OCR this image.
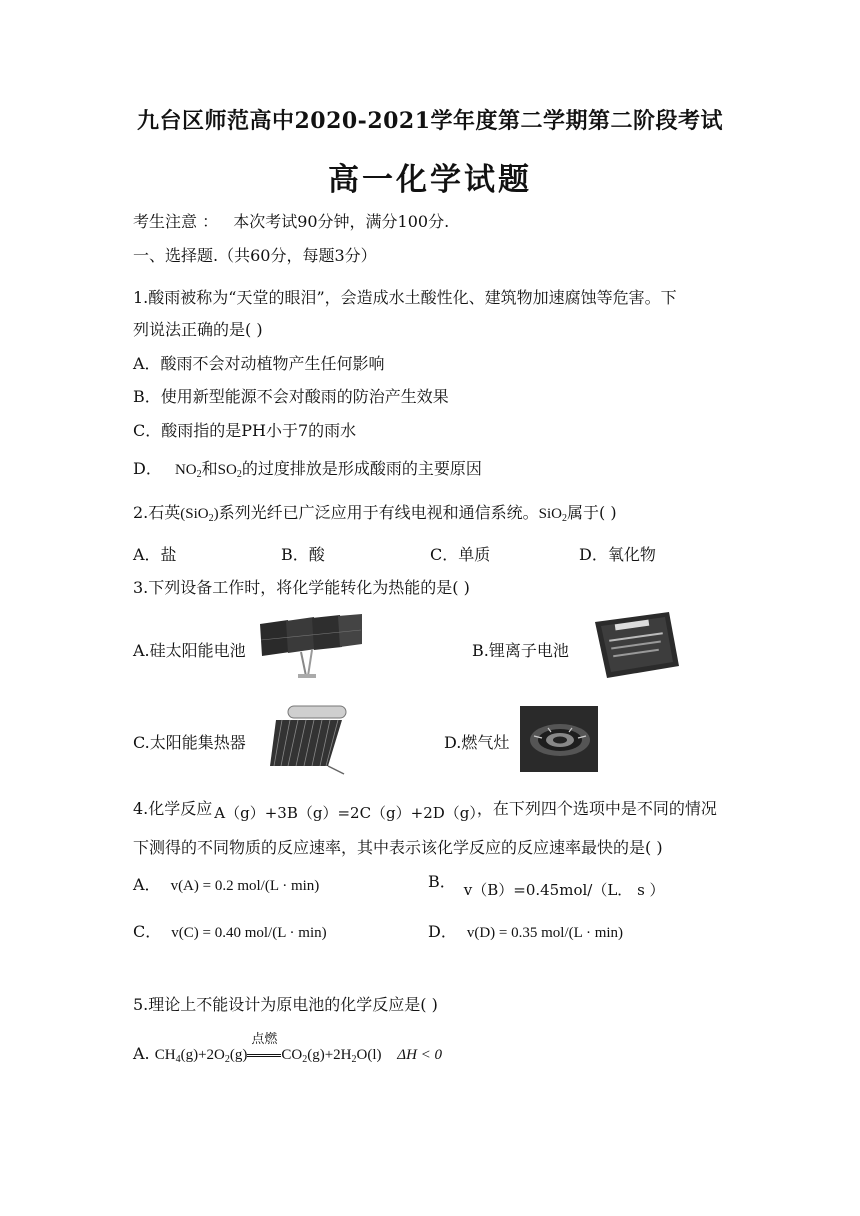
九台区师范高中2020-2021学年度第二学期第二阶段考试
高一化学试题
考生注意 ： 本次考试90分钟，满分100分.
一、选择题.（共60分，每题3分）
1.酸雨被称为“天堂的眼泪”，会造成水土酸性化、建筑物加速腐蚀等危害。下
列说法正确的是( )
A．酸雨不会对动植物产生任何影响
B．使用新型能源不会对酸雨的防治产生效果
C．酸雨指的是PH小于7的雨水
D． $NO_2$和$SO_2$的过度排放是形成酸雨的主要原因
2.石英(SiO$_2$)系列光纤已广泛应用于有线电视和通信系统。SiO$_2$属于( )
A．盐	B．酸	C．单质	D．氧化物
3.下列设备工作时，将化学能转化为热能的是( )
A.硅太阳能电池	B.锂离子电池
C.太阳能集热器	D.燃气灶
4.化学反应 A（g）+3B（g）=2C（g）+2D（g），在下列四个选项中是不同的情况
下测得的不同物质的反应速率，其中表示该化学反应的反应速率最快的是( )
A． v(A) = 0.2 mol/(L · min)	B． v（B）=0.45mol/（L． s ）
C． v(C) = 0.40 mol/(L · min)	D． v(D) = 0.35 mol/(L · min)
5.理论上不能设计为原电池的化学反应是( )
A. $CH_4(g)+2O_2(g)$
点燃
$CO_2(g)+2H_2O(l) \Delta H < 0$
